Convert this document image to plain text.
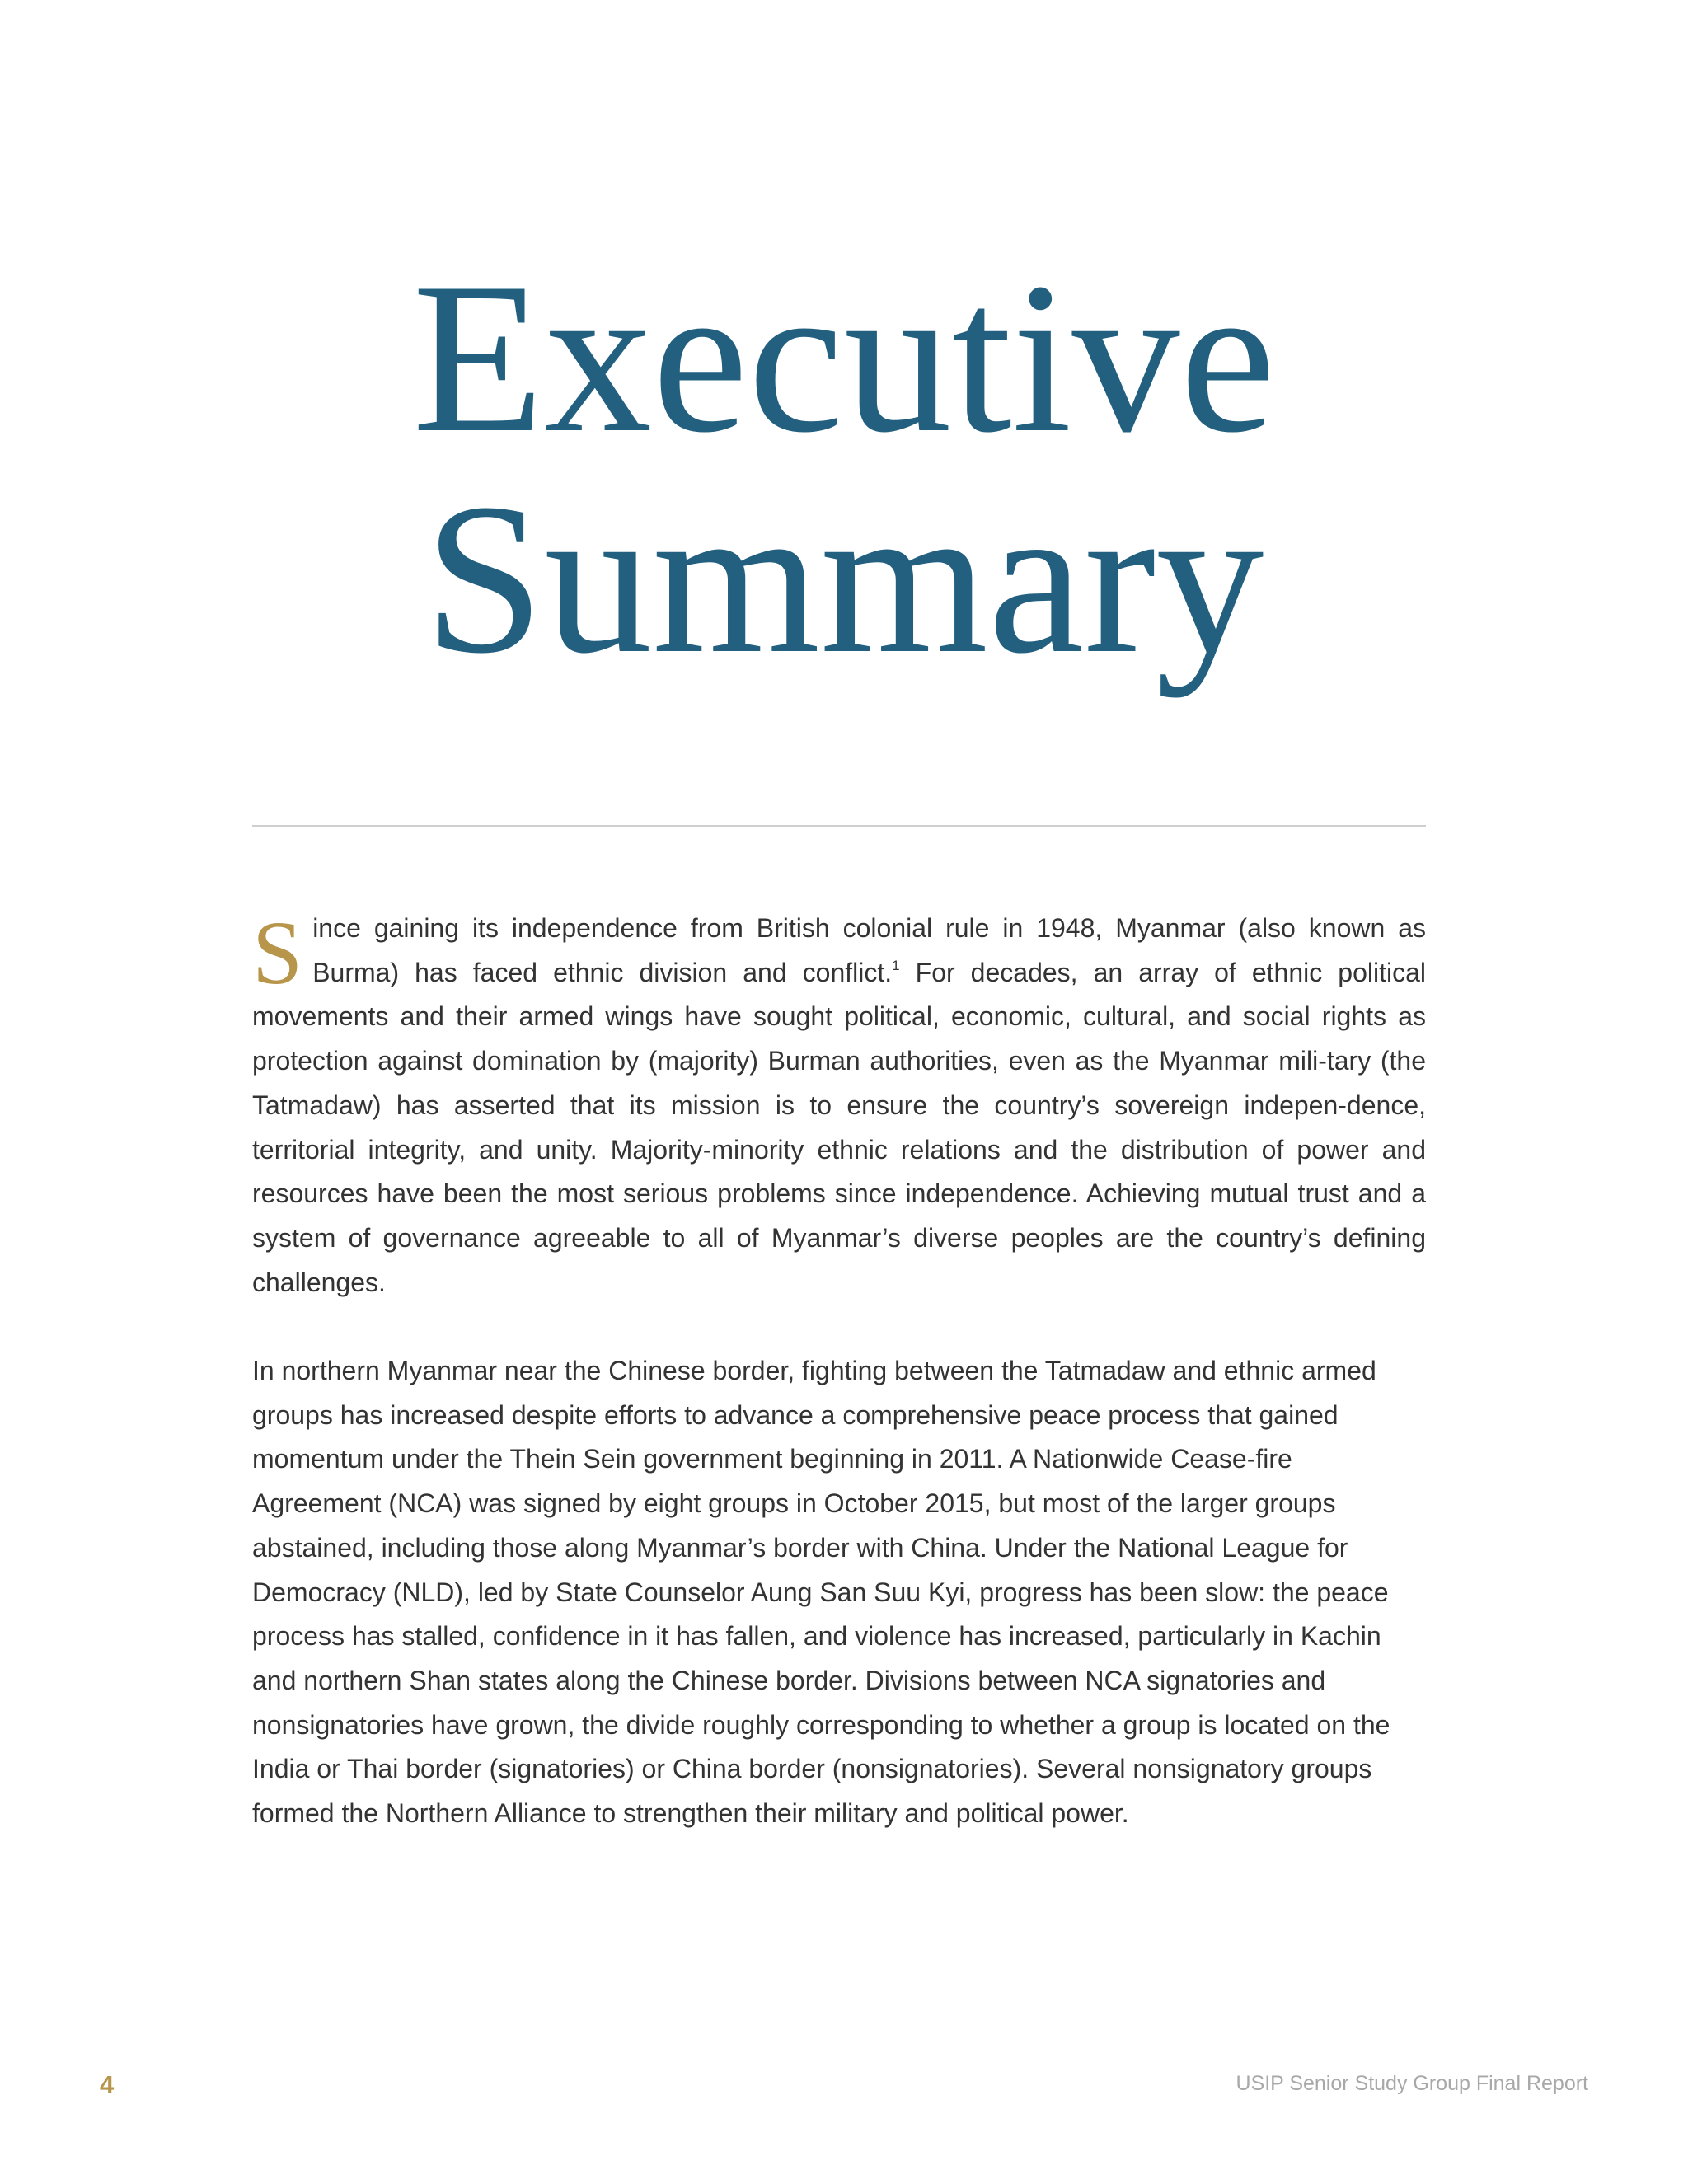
Executive
Summary

Since gaining its independence from British colonial rule in 1948, Myanmar (also known as Burma) has faced ethnic division and conflict.$^1$ For decades, an array of ethnic political movements and their armed wings have sought political, economic, cultural, and social rights as protection against domination by (majority) Burman authorities, even as the Myanmar mili-tary (the Tatmadaw) has asserted that its mission is to ensure the country’s sovereign indepen-dence, territorial integrity, and unity. Majority-minority ethnic relations and the distribution of power and resources have been the most serious problems since independence. Achieving mutual trust and a system of governance agreeable to all of Myanmar’s diverse peoples are the country’s defining challenges.

In northern Myanmar near the Chinese border, fighting between the Tatmadaw and ethnic armed groups has increased despite efforts to advance a comprehensive peace process that gained momentum under the Thein Sein government beginning in 2011. A Nationwide Cease-fire Agreement (NCA) was signed by eight groups in October 2015, but most of the larger groups abstained, including those along Myanmar’s border with China. Under the National League for Democracy (NLD), led by State Counselor Aung San Suu Kyi, progress has been slow: the peace process has stalled, confidence in it has fallen, and violence has increased, particularly in Kachin and northern Shan states along the Chinese border. Divisions between NCA signatories and nonsignatories have grown, the divide roughly corresponding to whether a group is located on the India or Thai border (signatories) or China border (nonsignatories). Several nonsignatory groups formed the Northern Alliance to strengthen their military and political power.

4	USIP Senior Study Group Final Report
